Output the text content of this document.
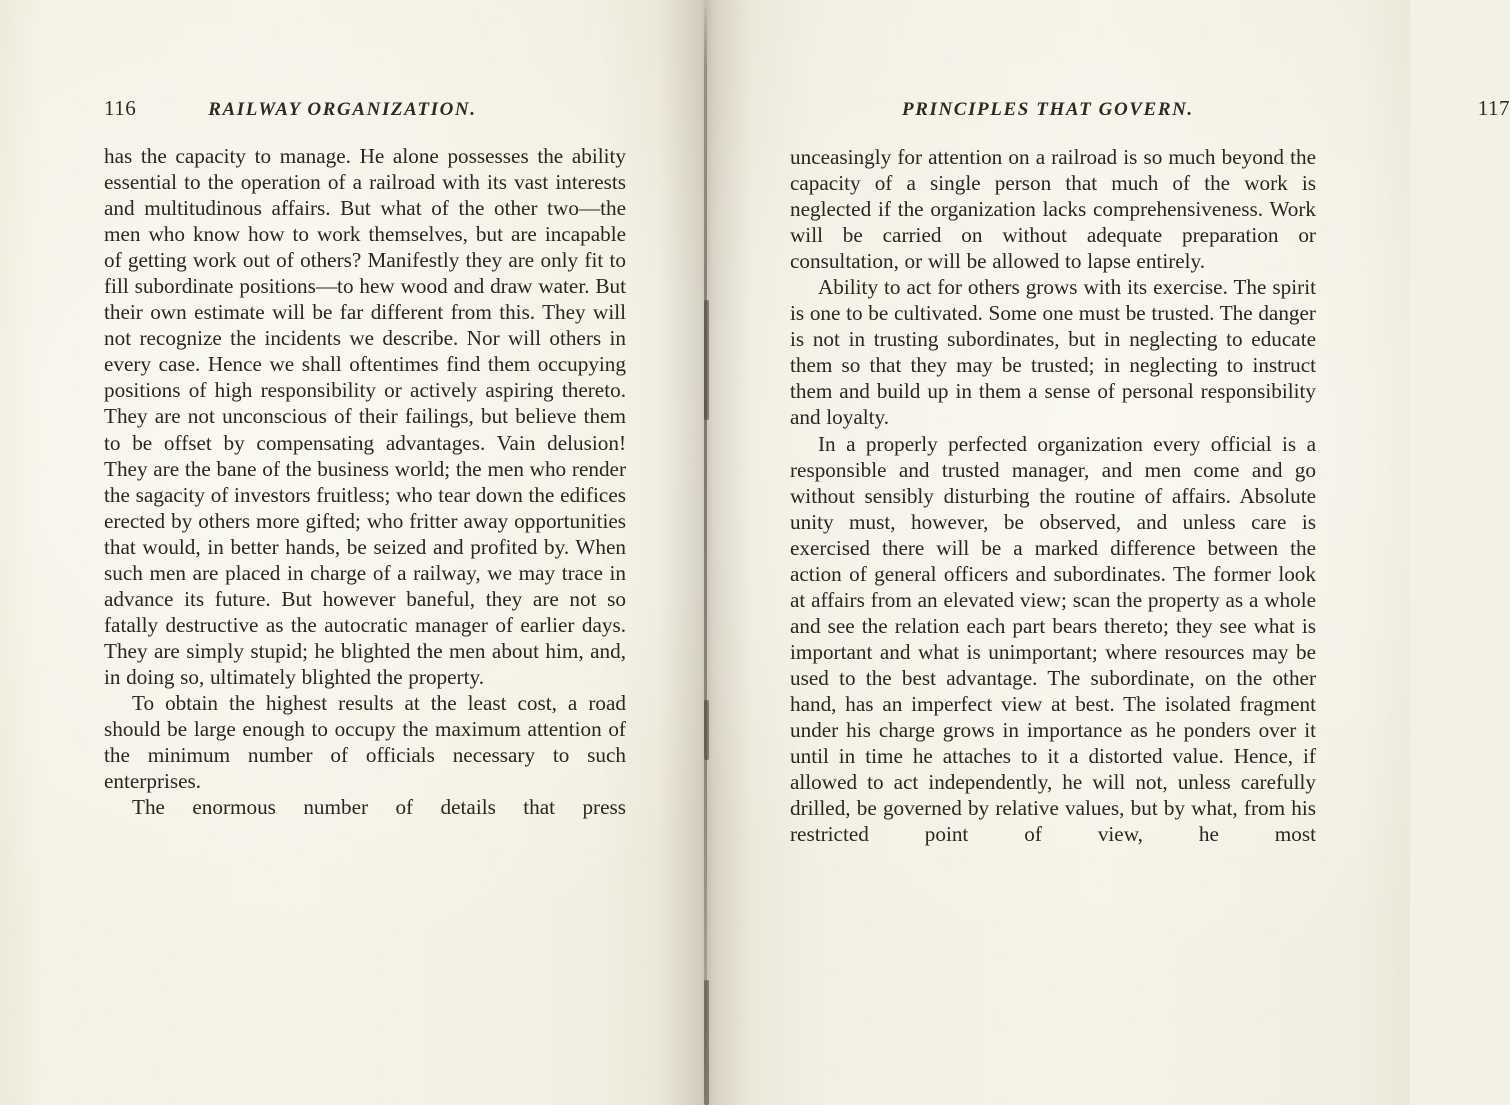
116	RAILWAY ORGANIZATION.

has the capacity to manage. He alone possesses the ability essential to the operation of a railroad with its vast interests and multitudinous affairs. But what of the other two—the men who know how to work themselves, but are incapable of getting work out of others? Manifestly they are only fit to fill subordinate positions—to hew wood and draw water. But their own estimate will be far different from this. They will not recognize the incidents we describe. Nor will others in every case. Hence we shall oftentimes find them occupying positions of high responsibility or actively aspiring thereto. They are not unconscious of their failings, but believe them to be offset by compensating advantages. Vain delusion! They are the bane of the business world; the men who render the sagacity of investors fruitless; who tear down the edifices erected by others more gifted; who fritter away opportunities that would, in better hands, be seized and profited by. When such men are placed in charge of a railway, we may trace in advance its future. But however baneful, they are not so fatally destructive as the autocratic manager of earlier days. They are simply stupid; he blighted the men about him, and, in doing so, ultimately blighted the property.

To obtain the highest results at the least cost, a road should be large enough to occupy the maximum attention of the minimum number of officials necessary to such enterprises.

The enormous number of details that press

PRINCIPLES THAT GOVERN.	117

unceasingly for attention on a railroad is so much beyond the capacity of a single person that much of the work is neglected if the organization lacks comprehensiveness. Work will be carried on without adequate preparation or consultation, or will be allowed to lapse entirely.

Ability to act for others grows with its exercise. The spirit is one to be cultivated. Some one must be trusted. The danger is not in trusting subordinates, but in neglecting to educate them so that they may be trusted; in neglecting to instruct them and build up in them a sense of personal responsibility and loyalty.

In a properly perfected organization every official is a responsible and trusted manager, and men come and go without sensibly disturbing the routine of affairs. Absolute unity must, however, be observed, and unless care is exercised there will be a marked difference between the action of general officers and subordinates. The former look at affairs from an elevated view; scan the property as a whole and see the relation each part bears thereto; they see what is important and what is unimportant; where resources may be used to the best advantage. The subordinate, on the other hand, has an imperfect view at best. The isolated fragment under his charge grows in importance as he ponders over it until in time he attaches to it a distorted value. Hence, if allowed to act independently, he will not, unless carefully drilled, be governed by relative values, but by what, from his restricted point of view, he most
